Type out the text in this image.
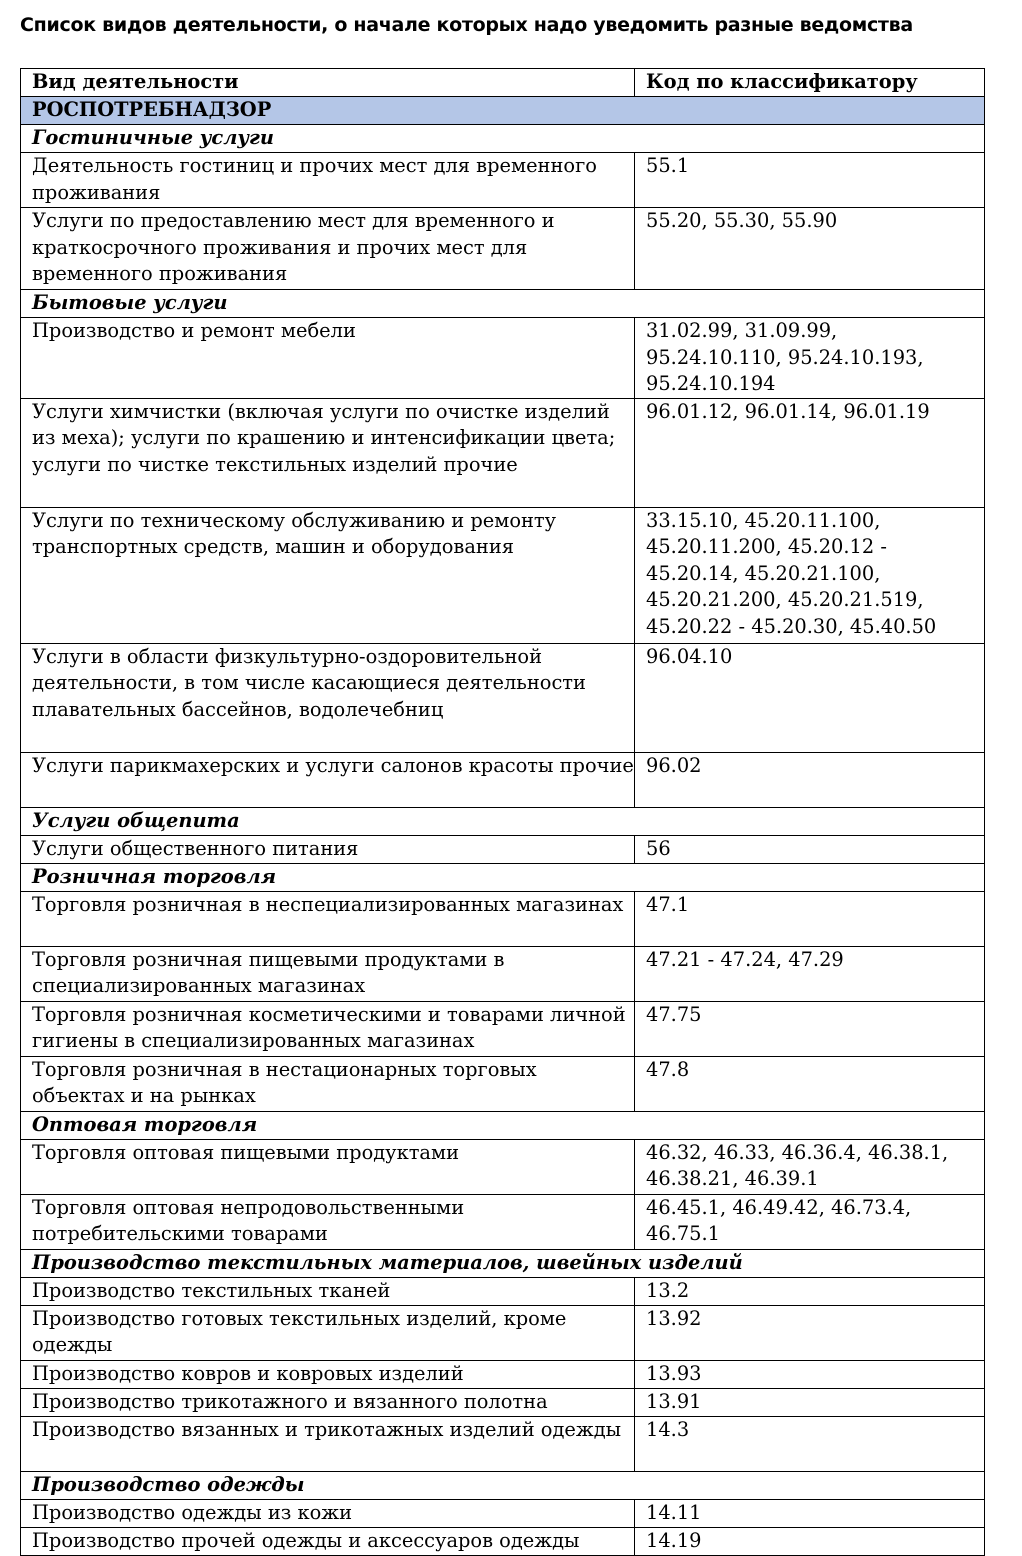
Список видов деятельности, о начале которых надо уведомить разные ведомства
Вид деятельности	Код по классификатору
РОСПОТРЕБНАДЗОР	
Гостиничные услуги	
Деятельность гостиниц и прочих мест для временного проживания	55.1
Услуги по предоставлению мест для временного и краткосрочного проживания и прочих мест для временного проживания	55.20, 55.30, 55.90
Бытовые услуги	
Производство и ремонт мебели	31.02.99, 31.09.99, 95.24.10.110, 95.24.10.193, 95.24.10.194
Услуги химчистки (включая услуги по очистке изделий из меха); услуги по крашению и интенсификации цвета; услуги по чистке текстильных изделий прочие	96.01.12, 96.01.14, 96.01.19
Услуги по техническому обслуживанию и ремонту транспортных средств, машин и оборудования	33.15.10, 45.20.11.100, 45.20.11.200, 45.20.12 - 45.20.14, 45.20.21.100, 45.20.21.200, 45.20.21.519, 45.20.22 - 45.20.30, 45.40.50
Услуги в области физкультурно-оздоровительной деятельности, в том числе касающиеся деятельности плавательных бассейнов, водолечебниц	96.04.10
Услуги парикмахерских и услуги салонов красоты прочие	96.02
Услуги общепита	
Услуги общественного питания	56
Розничная торговля	
Торговля розничная в неспециализированных магазинах	47.1
Торговля розничная пищевыми продуктами в специализированных магазинах	47.21 - 47.24, 47.29
Торговля розничная косметическими и товарами личной гигиены в специализированных магазинах	47.75
Торговля розничная в нестационарных торговых объектах и на рынках	47.8
Оптовая торговля	
Торговля оптовая пищевыми продуктами	46.32, 46.33, 46.36.4, 46.38.1, 46.38.21, 46.39.1
Торговля оптовая непродовольственными потребительскими товарами	46.45.1, 46.49.42, 46.73.4, 46.75.1
Производство текстильных материалов, швейных изделий	
Производство текстильных тканей	13.2
Производство готовых текстильных изделий, кроме одежды	13.92
Производство ковров и ковровых изделий	13.93
Производство трикотажного и вязанного полотна	13.91
Производство вязанных и трикотажных изделий одежды	14.3
Производство одежды	
Производство одежды из кожи	14.11
Производство прочей одежды и аксессуаров одежды	14.19
